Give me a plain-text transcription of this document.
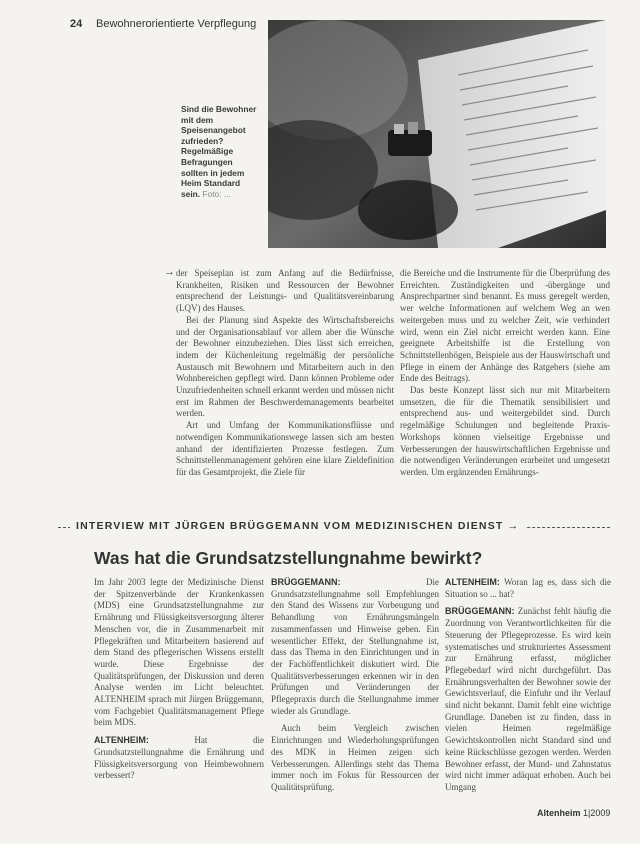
24 Bewohnerorientierte Verpflegung
Sind die Bewohner mit dem Speisenangebot zufrieden? Regelmäßige Befragungen sollten in jedem Heim Standard sein. Foto: ...
→ der Speiseplan ist zum Anfang auf die Bedürfnisse, Krankheiten, Risiken und Ressourcen der Bewohner entsprechend der Leistungs- und Qualitätsvereinbarung (LQV) des Hauses.

Bei der Planung sind Aspekte des Wirtschaftsbereichs und der Organisationsablauf vor allem aber die Wünsche der Bewohner einzubeziehen. Dies lässt sich erreichen, indem der Küchenleitung regelmäßig der persönliche Austausch mit Bewohnern und Mitarbeitern auch in den Wohnbereichen gepflegt wird. Dann können Probleme oder Unzufriedenheiten schnell erkannt werden und müssen nicht erst im Rahmen der Beschwerdemanagements bearbeitet werden.

Art und Umfang der Kommunikationsflüsse und notwendigen Kommunikationswege lassen sich am besten anhand der identifizierten Prozesse festlegen. Zum Schnittstellenmanagement gehören eine klare Zieldefinition für das Gesamtprojekt, die Ziele für

die Bereiche und die Instrumente für die Überprüfung des Erreichten. Zuständigkeiten und -übergänge und Ansprechpartner sind benannt. Es muss geregelt werden, wer welche Informationen auf welchem Weg an wen weitergeben muss und zu welcher Zeit, wie verhindert wird, wenn ein Ziel nicht erreicht werden kann. Eine geeignete Arbeitshilfe ist die Erstellung von Schnittstellenbögen, Beispiele aus der Hauswirtschaft und Pflege in einem der Anhänge des Ratgebers (siehe am Ende des Beitrags).

Das beste Konzept lässt sich nur mit Mitarbeitern umsetzen, die für die Thematik sensibilisiert und entsprechend aus- und weitergebildet sind. Durch regelmäßige Schulungen und begleitende Praxis-Workshops können vielseitige Ergebnisse und Verbesserungen der hauswirtschaftlichen Ergebnisse und die notwendigen Veränderungen erarbeitet und umgesetzt werden. Um ergänzenden Ernährungs-

INTERVIEW MIT JÜRGEN BRÜGGEMANN VOM MEDIZINISCHEN DIENST →
Was hat die Grundsatzstellungnahme bewirkt?

Im Jahr 2003 legte der Medizinische Dienst der Spitzenverbände der Krankenkassen (MDS) eine Grundsatzstellungnahme zur Ernährung und Flüssigkeitsversorgung älterer Menschen vor, die in Zusammenarbeit mit Pflegekräften und Mitarbeitern basierend auf dem Stand des pflegerischen Wissens erstellt wurde. Diese Ergebnisse der Qualitätsprüfungen, der Diskussion und deren Analyse werden im Licht beleuchtet. ALTENHEIM sprach mit Jürgen Brüggemann, vom Fachgebiet Qualitätsmanagement Pflege beim MDS.

ALTENHEIM:	Hat die Grundsatzstellungnahme die Ernährung und Flüssigkeitsversorgung von Heimbewohnern verbessert?

BRÜGGEMANN:	Die Grundsatzstellungnahme soll Empfehlungen den Stand des Wissens zur Vorbeugung und Behandlung von Ernährungsmängeln zusammenfassen und Hinweise geben. Ein wesentlicher Effekt, der Stellungnahme ist, dass das Thema in den Einrichtungen und in der Fachöffentlichkeit diskutiert wird. Die Qualitätsverbesserungen erkennen wir in den Prüfungen und Veränderungen der Pflegepraxis durch die Stellungnahme immer wieder als Grundlage.

Auch beim Vergleich zwischen Einrichtungen und Wiederholungsprüfungen des MDK in Heimen zeigen sich Verbesserungen. Allerdings steht das Thema immer noch im Fokus für Ressourcen der Qualitätsprüfung.

ALTENHEIM: Woran lag es, dass sich die Situation so ... hat?

BRÜGGEMANN: Zunächst fehlt häufig die Zuordnung von Verantwortlichkeiten für die Steuerung der Pflegeprozesse. Es wird kein systematisches und strukturiertes Assessment zur Ernährung erfasst, möglicher Pflegebedarf wird nicht durchgeführt. Das Ernährungsverhalten der Bewohner sowie der Gewichtsverlauf, die Einfuhr und ihr Verlauf sind nicht bekannt. Damit fehlt eine wichtige Grundlage. Daneben ist zu finden, dass in vielen Heimen regelmäßige Gewichtskontrollen nicht Standard sind und keine Rückschlüsse gezogen werden. Werden Bewohner erfasst, der Mund- und Zahnstatus wird nicht immer adäquat erhoben. Auch bei Umgang

Altenheim 1|2009
